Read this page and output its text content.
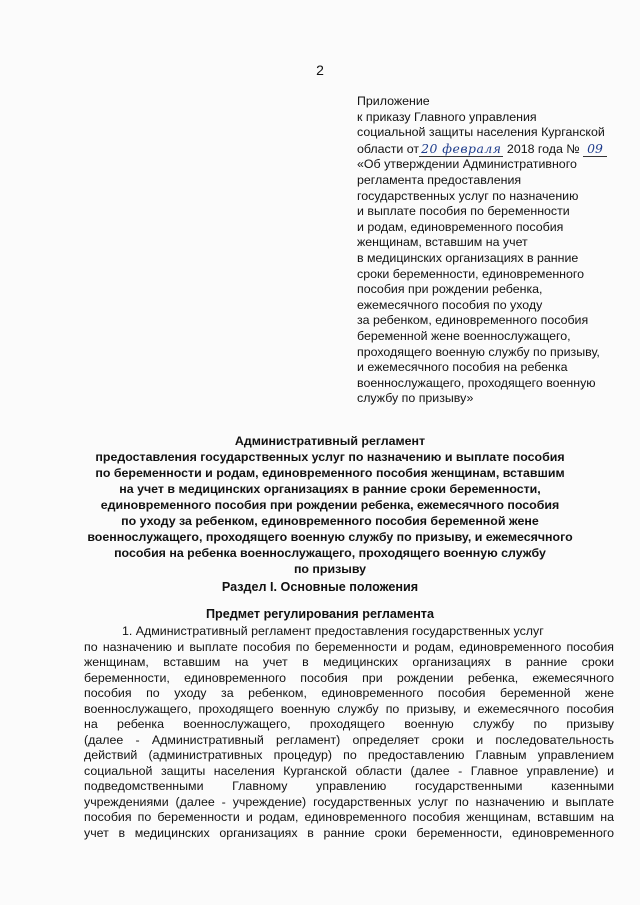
2
Приложение
к приказу Главного управления
социальной защиты населения Курганской
области от 20 февраля 2018 года № 09
«Об утверждении Административного
регламента предоставления
государственных услуг по назначению
и выплате пособия по беременности
и родам, единовременного пособия
женщинам, вставшим на учет
в медицинских организациях в ранние
сроки беременности, единовременного
пособия при рождении ребенка,
ежемесячного пособия по уходу
за ребенком, единовременного пособия
беременной жене военнослужащего,
проходящего военную службу по призыву,
и ежемесячного пособия на ребенка
военнослужащего, проходящего военную
службу по призыву»
Административный регламент
предоставления государственных услуг по назначению и выплате пособия
по беременности и родам, единовременного пособия женщинам, вставшим
на учет в медицинских организациях в ранние сроки беременности,
единовременного пособия при рождении ребенка, ежемесячного пособия
по уходу за ребенком, единовременного пособия беременной жене
военнослужащего, проходящего военную службу по призыву, и ежемесячного
пособия на ребенка военнослужащего, проходящего военную службу
по призыву
Раздел I. Основные положения
Предмет регулирования регламента
1. Административный регламент предоставления государственных услуг
по назначению и выплате пособия по беременности и родам, единовременного пособия
женщинам, вставшим на учет в медицинских организациях в ранние сроки
беременности, единовременного пособия при рождении ребенка, ежемесячного
пособия по уходу за ребенком, единовременного пособия беременной жене
военнослужащего, проходящего военную службу по призыву, и ежемесячного пособия
на ребенка военнослужащего, проходящего военную службу по призыву
(далее - Административный регламент) определяет сроки и последовательность
действий (административных процедур) по предоставлению Главным управлением
социальной защиты населения Курганской области (далее - Главное управление) и
подведомственными Главному управлению государственными казенными
учреждениями (далее - учреждение) государственных услуг по назначению и выплате
пособия по беременности и родам, единовременного пособия женщинам, вставшим на
учет в медицинских организациях в ранние сроки беременности, единовременного
